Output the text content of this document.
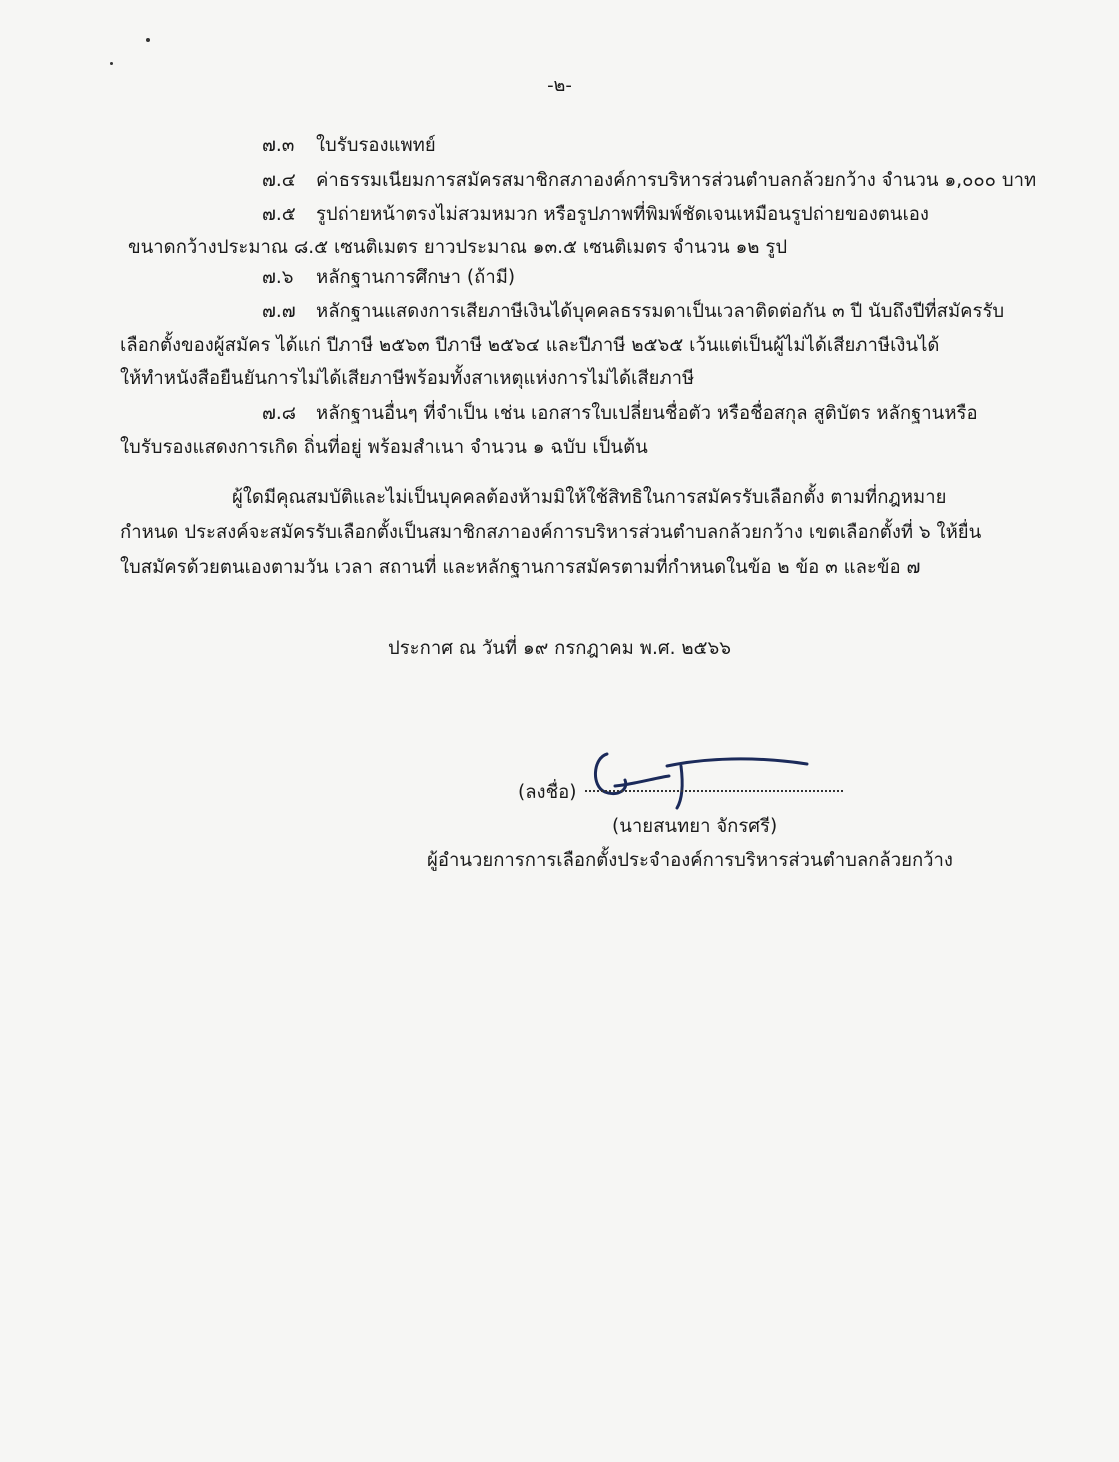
-๒-
๗.๓ ใบรับรองแพทย์
๗.๔ ค่าธรรมเนียมการสมัครสมาชิกสภาองค์การบริหารส่วนตำบลกล้วยกว้าง จำนวน ๑,๐๐๐ บาท
๗.๕ รูปถ่ายหน้าตรงไม่สวมหมวก หรือรูปภาพที่พิมพ์ชัดเจนเหมือนรูปถ่ายของตนเอง
ขนาดกว้างประมาณ ๘.๕ เซนติเมตร ยาวประมาณ ๑๓.๕ เซนติเมตร จำนวน ๑๒ รูป
๗.๖ หลักฐานการศึกษา (ถ้ามี)
๗.๗ หลักฐานแสดงการเสียภาษีเงินได้บุคคลธรรมดาเป็นเวลาติดต่อกัน ๓ ปี นับถึงปีที่สมัครรับ
เลือกตั้งของผู้สมัคร ได้แก่ ปีภาษี ๒๕๖๓ ปีภาษี ๒๕๖๔ และปีภาษี ๒๕๖๕ เว้นแต่เป็นผู้ไม่ได้เสียภาษีเงินได้
ให้ทำหนังสือยืนยันการไม่ได้เสียภาษีพร้อมทั้งสาเหตุแห่งการไม่ได้เสียภาษี
๗.๘ หลักฐานอื่นๆ ที่จำเป็น เช่น เอกสารใบเปลี่ยนชื่อตัว หรือชื่อสกุล สูติบัตร หลักฐานหรือ
ใบรับรองแสดงการเกิด ถิ่นที่อยู่ พร้อมสำเนา จำนวน ๑ ฉบับ เป็นต้น
ผู้ใดมีคุณสมบัติและไม่เป็นบุคคลต้องห้ามมิให้ใช้สิทธิในการสมัครรับเลือกตั้ง ตามที่กฎหมาย
กำหนด ประสงค์จะสมัครรับเลือกตั้งเป็นสมาชิกสภาองค์การบริหารส่วนตำบลกล้วยกว้าง เขตเลือกตั้งที่ ๖ ให้ยื่น
ใบสมัครด้วยตนเองตามวัน เวลา สถานที่ และหลักฐานการสมัครตามที่กำหนดในข้อ ๒ ข้อ ๓ และข้อ ๗
ประกาศ ณ วันที่ ๑๙ กรกฎาคม พ.ศ. ๒๕๖๖
(ลงชื่อ)
(นายสนทยา จักรศรี)
ผู้อำนวยการการเลือกตั้งประจำองค์การบริหารส่วนตำบลกล้วยกว้าง
